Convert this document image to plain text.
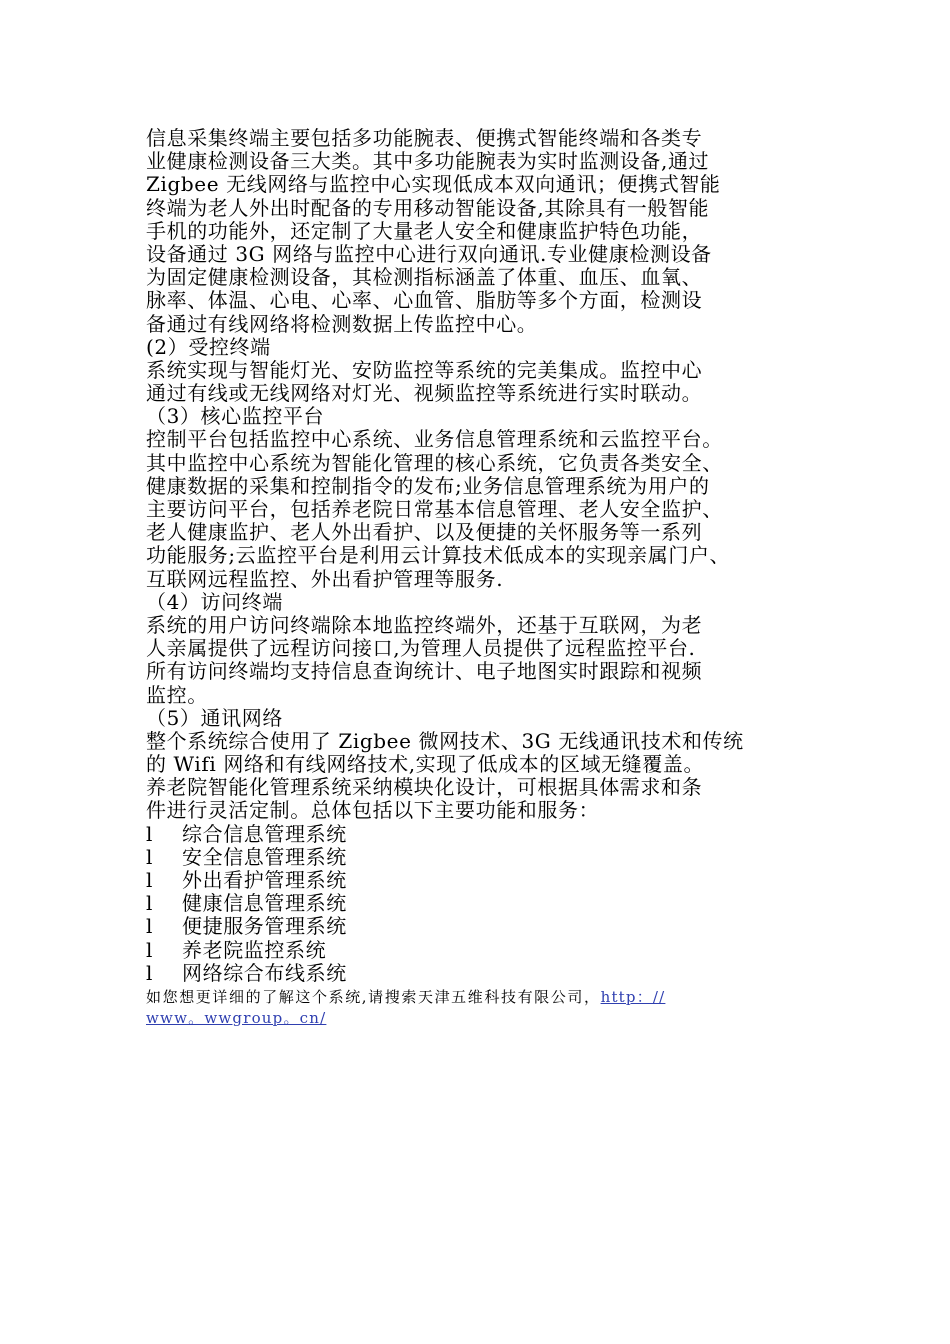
信息采集终端主要包括多功能腕表、便携式智能终端和各类专
业健康检测设备三大类。其中多功能腕表为实时监测设备,通过
Zigbee 无线网络与监控中心实现低成本双向通讯；便携式智能
终端为老人外出时配备的专用移动智能设备,其除具有一般智能
手机的功能外，还定制了大量老人安全和健康监护特色功能，
设备通过 3G 网络与监控中心进行双向通讯.专业健康检测设备
为固定健康检测设备，其检测指标涵盖了体重、血压、血氧、
脉率、体温、心电、心率、心血管、脂肪等多个方面，检测设
备通过有线网络将检测数据上传监控中心。
(2）受控终端
系统实现与智能灯光、安防监控等系统的完美集成。监控中心
通过有线或无线网络对灯光、视频监控等系统进行实时联动。
（3）核心监控平台
控制平台包括监控中心系统、业务信息管理系统和云监控平台。
其中监控中心系统为智能化管理的核心系统，它负责各类安全、
健康数据的采集和控制指令的发布;业务信息管理系统为用户的
主要访问平台，包括养老院日常基本信息管理、老人安全监护、
老人健康监护、老人外出看护、以及便捷的关怀服务等一系列
功能服务;云监控平台是利用云计算技术低成本的实现亲属门户、
互联网远程监控、外出看护管理等服务.
（4）访问终端
系统的用户访问终端除本地监控终端外，还基于互联网，为老
人亲属提供了远程访问接口,为管理人员提供了远程监控平台.
所有访问终端均支持信息查询统计、电子地图实时跟踪和视频
监控。
（5）通讯网络
整个系统综合使用了 Zigbee 微网技术、3G 无线通讯技术和传统
的 Wifi 网络和有线网络技术,实现了低成本的区域无缝覆盖。
养老院智能化管理系统采纳模块化设计，可根据具体需求和条
件进行灵活定制。总体包括以下主要功能和服务：
l	综合信息管理系统
l	安全信息管理系统
l	外出看护管理系统
l	健康信息管理系统
l	便捷服务管理系统
l	养老院监控系统
l	网络综合布线系统
如您想更详细的了解这个系统,请搜索天津五维科技有限公司，http：//
www。wwgroup。cn/
